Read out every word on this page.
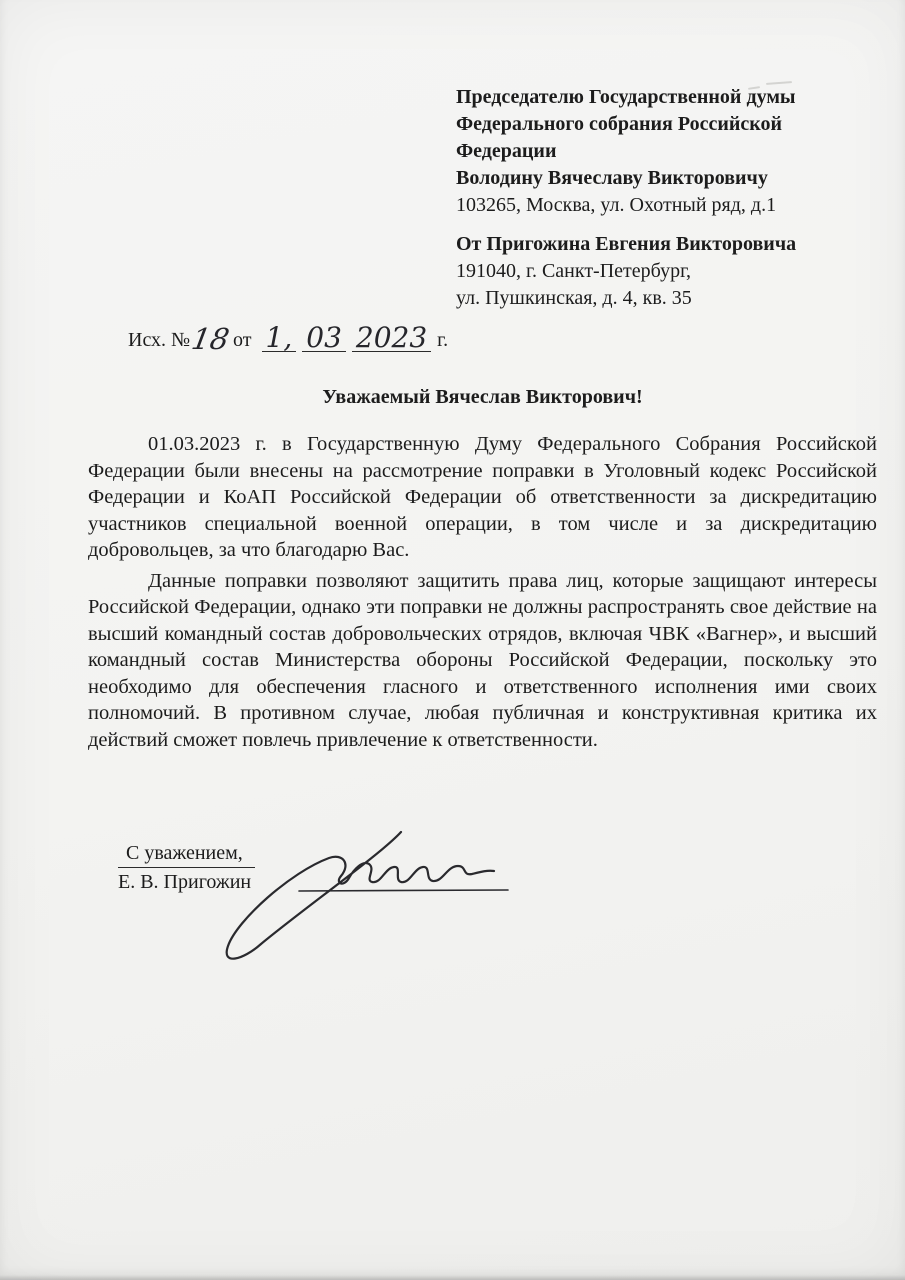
Председателю Государственной думы
Федерального собрания Российской
Федерации
Володину Вячеславу Викторовичу
103265, Москва, ул. Охотный ряд, д.1
От Пригожина Евгения Викторовича
191040, г. Санкт-Петербург,
ул. Пушкинская, д. 4, кв. 35
Исх. № 18 от 1, 03 2023 г.
Уважаемый Вячеслав Викторович!

01.03.2023 г. в Государственную Думу Федерального Собрания Российской Федерации были внесены на рассмотрение поправки в Уголовный кодекс Российской Федерации и КоАП Российской Федерации об ответственности за дискредитацию участников специальной военной операции, в том числе и за дискредитацию добровольцев, за что благодарю Вас.

Данные поправки позволяют защитить права лиц, которые защищают интересы Российской Федерации, однако эти поправки не должны распространять свое действие на высший командный состав добровольческих отрядов, включая ЧВК «Вагнер», и высший командный состав Министерства обороны Российской Федерации, поскольку это необходимо для обеспечения гласного и ответственного исполнения ими своих полномочий. В противном случае, любая публичная и конструктивная критика их действий сможет повлечь привлечение к ответственности.

С уважением,
Е. В. Пригожин
